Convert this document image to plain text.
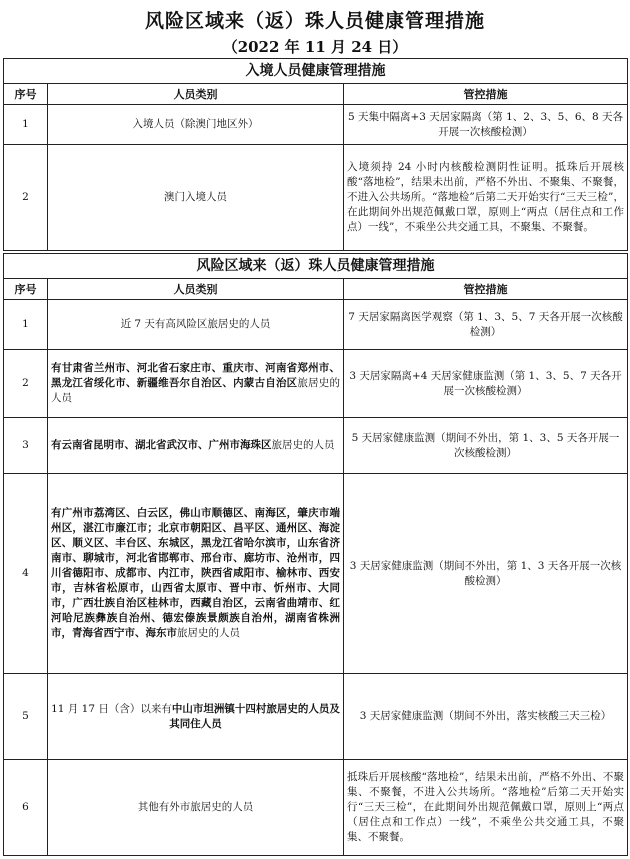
风险区域来（返）珠人员健康管理措施
（2022 年 11 月 24 日）
入境人员健康管理措施		
序号	人员类别	管控措施
1	入境人员（除澳门地区外）	5 天集中隔离+3 天居家隔离（第 1、2、3、5、6、8 天各开展一次核酸检测）
2	澳门入境人员	入境须持 24 小时内核酸检测阴性证明。抵珠后开展核酸“落地检”，结果未出前，严格不外出、不聚集、不聚餐，不进入公共场所。“落地检”后第二天开始实行“三天三检”，在此期间外出规范佩戴口罩，原则上“两点（居住点和工作点）一线”，不乘坐公共交通工具，不聚集、不聚餐。
风险区域来（返）珠人员健康管理措施		
序号	人员类别	管控措施
1	近 7 天有高风险区旅居史的人员	7 天居家隔离医学观察（第 1、3、5、7 天各开展一次核酸检测）
2	有甘肃省兰州市、河北省石家庄市、重庆市、河南省郑州市、黑龙江省绥化市、新疆维吾尔自治区、内蒙古自治区旅居史的人员	3 天居家隔离+4 天居家健康监测（第 1、3、5、7 天各开展一次核酸检测）
3	有云南省昆明市、湖北省武汉市、广州市海珠区旅居史的人员	5 天居家健康监测（期间不外出，第 1、3、5 天各开展一次核酸检测）
4	有广州市荔湾区、白云区，佛山市顺德区、南海区，肇庆市端州区，湛江市廉江市；北京市朝阳区、昌平区、通州区、海淀区、顺义区、丰台区、东城区，黑龙江省哈尔滨市，山东省济南市、聊城市，河北省邯郸市、邢台市、廊坊市、沧州市，四川省德阳市、成都市、内江市，陕西省咸阳市、榆林市、西安市，吉林省松原市，山西省太原市、晋中市、忻州市、大同市，广西壮族自治区桂林市，西藏自治区，云南省曲靖市、红河哈尼族彝族自治州、德宏傣族景颇族自治州，湖南省株洲市，青海省西宁市、海东市旅居史的人员	3 天居家健康监测（期间不外出，第 1、3 天各开展一次核酸检测）
5	11 月 17 日（含）以来有中山市坦洲镇十四村旅居史的人员及其同住人员	3 天居家健康监测（期间不外出，落实核酸三天三检）
6	其他有外市旅居史的人员	抵珠后开展核酸“落地检”，结果未出前，严格不外出、不聚集、不聚餐，不进入公共场所。“落地检”后第二天开始实行“三天三检”，在此期间外出规范佩戴口罩，原则上“两点（居住点和工作点）一线”，不乘坐公共交通工具，不聚集、不聚餐。
